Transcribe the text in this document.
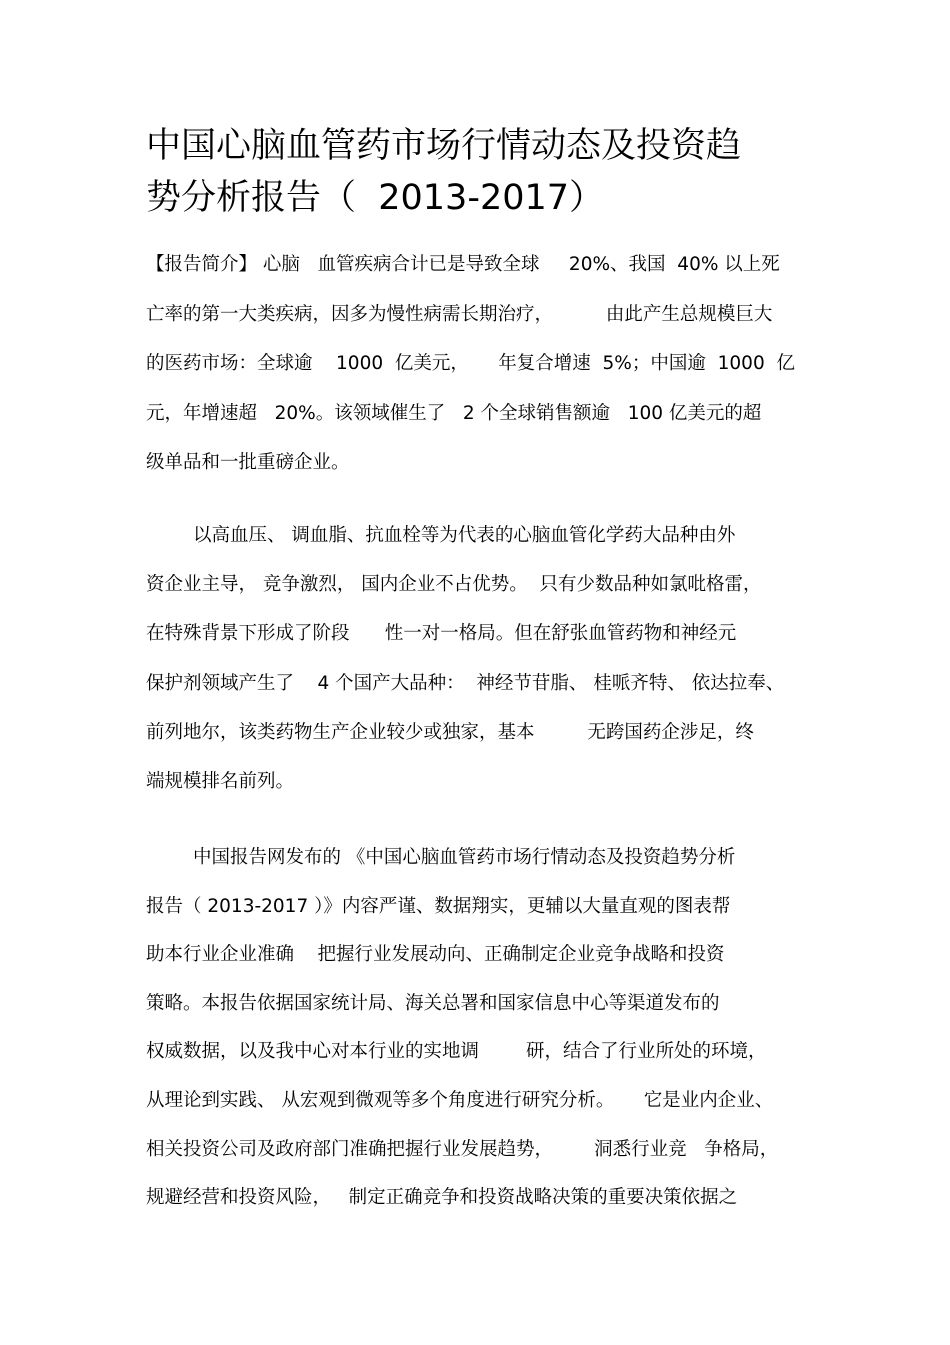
中国心脑血管药市场行情动态及投资趋
势分析报告（  2013-2017）

【报告简介】 心脑   血管疾病合计已是导致全球     20%、我国  40% 以上死
亡率的第一大类疾病，因多为慢性病需长期治疗，         由此产生总规模巨大
的医药市场：全球逾    1000  亿美元，     年复合增速  5%；中国逾  1000  亿
元，年增速超   20%。该领域催生了   2 个全球销售额逾   100 亿美元的超
级单品和一批重磅企业。

以高血压、 调血脂、抗血栓等为代表的心脑血管化学药大品种由外
资企业主导， 竞争激烈， 国内企业不占优势。  只有少数品种如氯吡格雷，
在特殊背景下形成了阶段      性一对一格局。但在舒张血管药物和神经元
保护剂领域产生了    4 个国产大品种：  神经节苷脂、 桂哌齐特、 依达拉奉、
前列地尔，该类药物生产企业较少或独家，基本         无跨国药企涉足，终
端规模排名前列。

中国报告网发布的 《中国心脑血管药市场行情动态及投资趋势分析
报告（ 2013-2017 ）》内容严谨、数据翔实，更辅以大量直观的图表帮
助本行业企业准确    把握行业发展动向、正确制定企业竞争战略和投资
策略。本报告依据国家统计局、海关总署和国家信息中心等渠道发布的
权威数据，以及我中心对本行业的实地调        研，结合了行业所处的环境，
从理论到实践、 从宏观到微观等多个角度进行研究分析。     它是业内企业、
相关投资公司及政府部门准确把握行业发展趋势，       洞悉行业竞   争格局，
规避经营和投资风险，   制定正确竞争和投资战略决策的重要决策依据之
